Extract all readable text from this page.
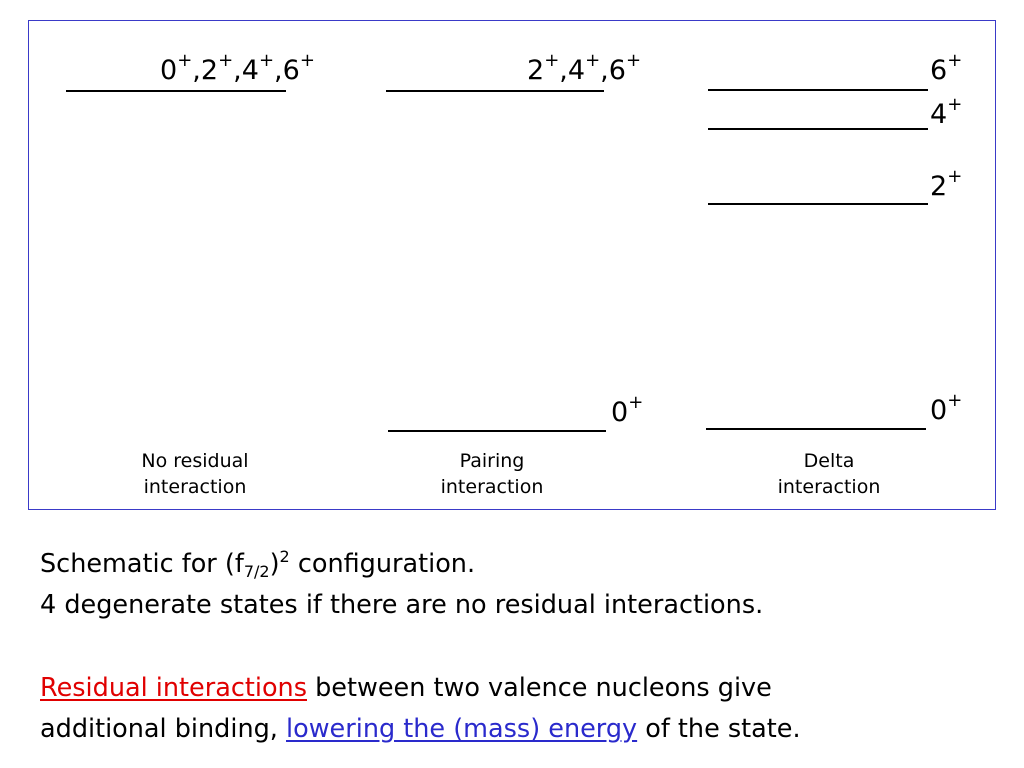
0+,2+,4+,6+
No residual
interaction
2+,4+,6+
0+
Pairing
interaction
6+
4+
2+
0+
Delta
interaction
Schematic for $(f_{7/2})^2$ configuration.
4 degenerate states if there are no residual interactions.
Residual interactions between two valence nucleons give
additional binding, lowering the (mass) energy of the state.
